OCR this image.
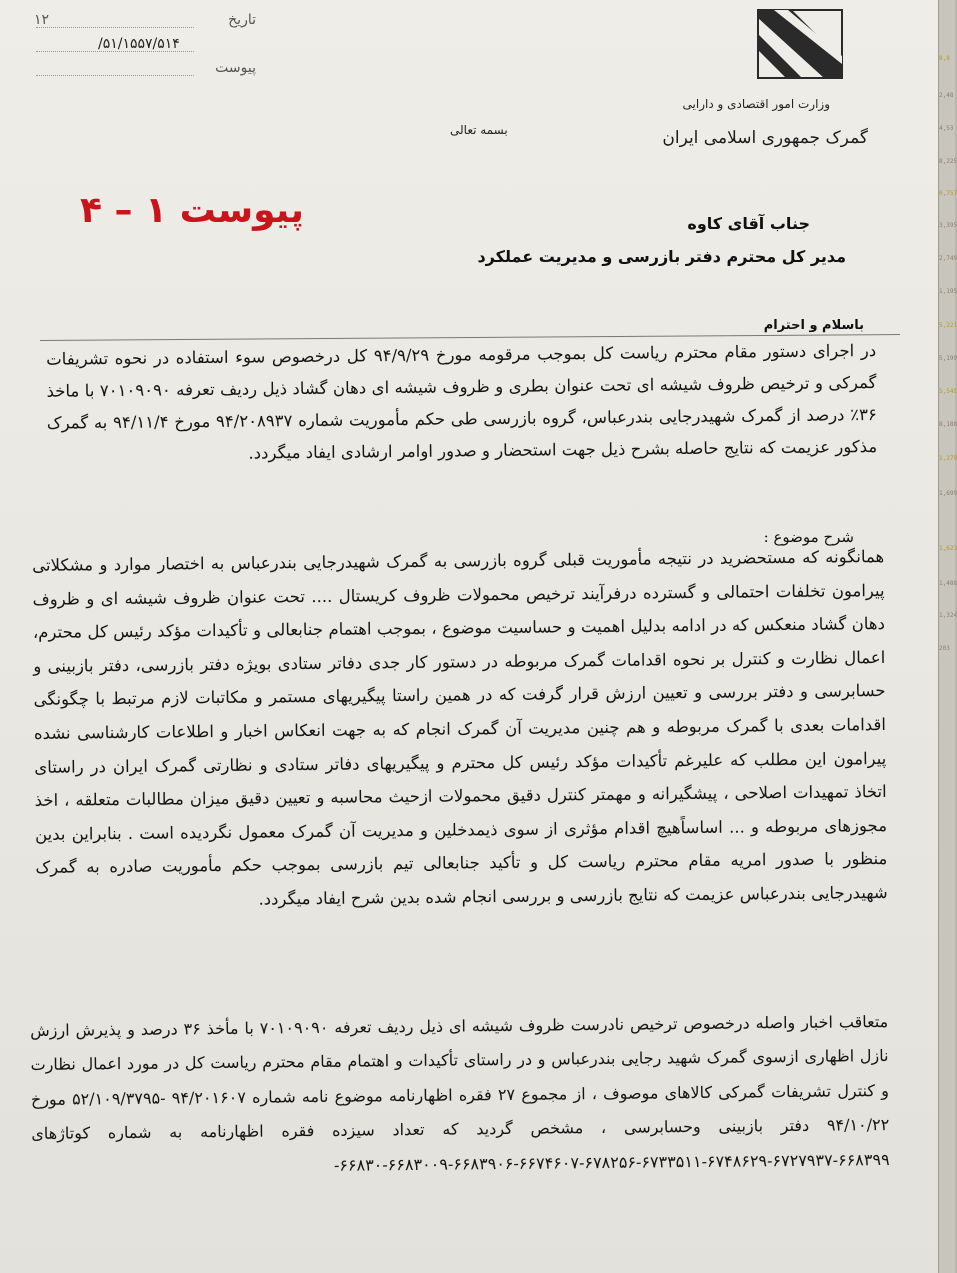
تاریخ
۱۲
۵۱/۱۵۵۷/۵۱۴/
پیوست
وزارت امور اقتصادی و دارایی
گمرک جمهوری اسلامی ایران
بسمه تعالی
پیوست ۱ – ۴	جناب آقای کاوه
مدیر کل محترم دفتر بازرسی و مدیریت عملکرد
باسلام و احترام
در اجرای دستور مقام محترم ریاست کل بموجب مرقومه مورخ ۹۴/۹/۲۹ کل درخصوص سوء استفاده در نحوه تشریفات گمرکی و ترخیص ظروف شیشه ای تحت عنوان بطری و ظروف شیشه ای دهان گشاد ذیل ردیف تعرفه ۷۰۱۰۹۰۹۰ با ماخذ ۳۶٪ درصد از گمرک شهیدرجایی بندرعباس، گروه بازرسی طی حکم مأموریت شماره ۹۴/۲۰۸۹۳۷ مورخ ۹۴/۱۱/۴ به گمرک مذکور عزیمت که نتایج حاصله بشرح ذیل جهت استحضار و صدور اوامر ارشادی ایفاد میگردد.
شرح موضوع :
همانگونه که مستحضرید در نتیجه مأموریت قبلی گروه بازرسی به گمرک شهیدرجایی بندرعباس به اختصار موارد و مشکلاتی پیرامون تخلفات احتمالی و گسترده درفرآیند ترخیص محمولات ظروف کریستال .... تحت عنوان ظروف شیشه ای و ظروف دهان گشاد منعکس که در ادامه بدلیل اهمیت و حساسیت موضوع ، بموجب اهتمام جنابعالی و تأکیدات مؤکد رئیس کل محترم، اعمال نظارت و کنترل بر نحوه اقدامات گمرک مربوطه در دستور کار جدی دفاتر ستادی بویژه دفتر بازرسی، دفتر بازبینی و حسابرسی و دفتر بررسی و تعیین ارزش قرار گرفت که در همین راستا پیگیریهای مستمر و مکاتبات لازم مرتبط با چگونگی اقدامات بعدی با گمرک مربوطه و هم چنین مدیریت آن گمرک انجام که به جهت انعکاس اخبار و اطلاعات کارشناسی نشده پیرامون این مطلب که علیرغم تأکیدات مؤکد رئیس کل محترم و پیگیریهای دفاتر ستادی و نظارتی گمرک ایران در راستای اتخاذ تمهیدات اصلاحی ، پیشگیرانه و مهمتر کنترل دقیق محمولات ازحیث محاسبه و تعیین دقیق میزان مطالبات متعلقه ، اخذ مجوزهای مربوطه و ... اساساًهیچ اقدام مؤثری از سوی ذیمدخلین و مدیریت آن گمرک معمول نگردیده است . بنابراین بدین منظور با صدور امریه مقام محترم ریاست کل و تأکید جنابعالی تیم بازرسی بموجب حکم مأموریت صادره به گمرک شهیدرجایی بندرعباس عزیمت که نتایج بازرسی و بررسی انجام شده بدین شرح ایفاد میگردد.
متعاقب اخبار واصله درخصوص ترخیص نادرست ظروف شیشه ای ذیل ردیف تعرفه ۷۰۱۰۹۰۹۰ با مأخذ ۳۶ درصد و پذیرش ارزش نازل اظهاری ازسوی گمرک شهید رجایی بندرعباس و در راستای تأکیدات و اهتمام مقام محترم ریاست کل در مورد اعمال نظارت و کنترل تشریفات گمرکی کالاهای موصوف ، از مجموع ۲۷ فقره اظهارنامه موضوع نامه شماره ۹۴/۲۰۱۶۰۷ -۵۲/۱۰۹/۳۷۹۵ مورخ ۹۴/۱۰/۲۲ دفتر بازبینی وحسابرسی ، مشخص گردید که تعداد سیزده فقره اظهارنامه به شماره کوتاژهای ۶۶۸۳۹۹-۶۷۲۷۹۳۷-۶۷۴۸۶۲۹-۶۷۳۳۵۱۱-۶۷۸۲۵۶-۶۶۷۴۶۰۷-۶۶۸۳۹۰۶-۶۶۸۳۰۰۹-۶۶۸۳۰-
8,8
2,48
4,53
8,225
0,757
3,395
2,749
1,195
5,221
5,199
5,545
8,188
1,270
1,699
1,623
1,488
1,324
203
